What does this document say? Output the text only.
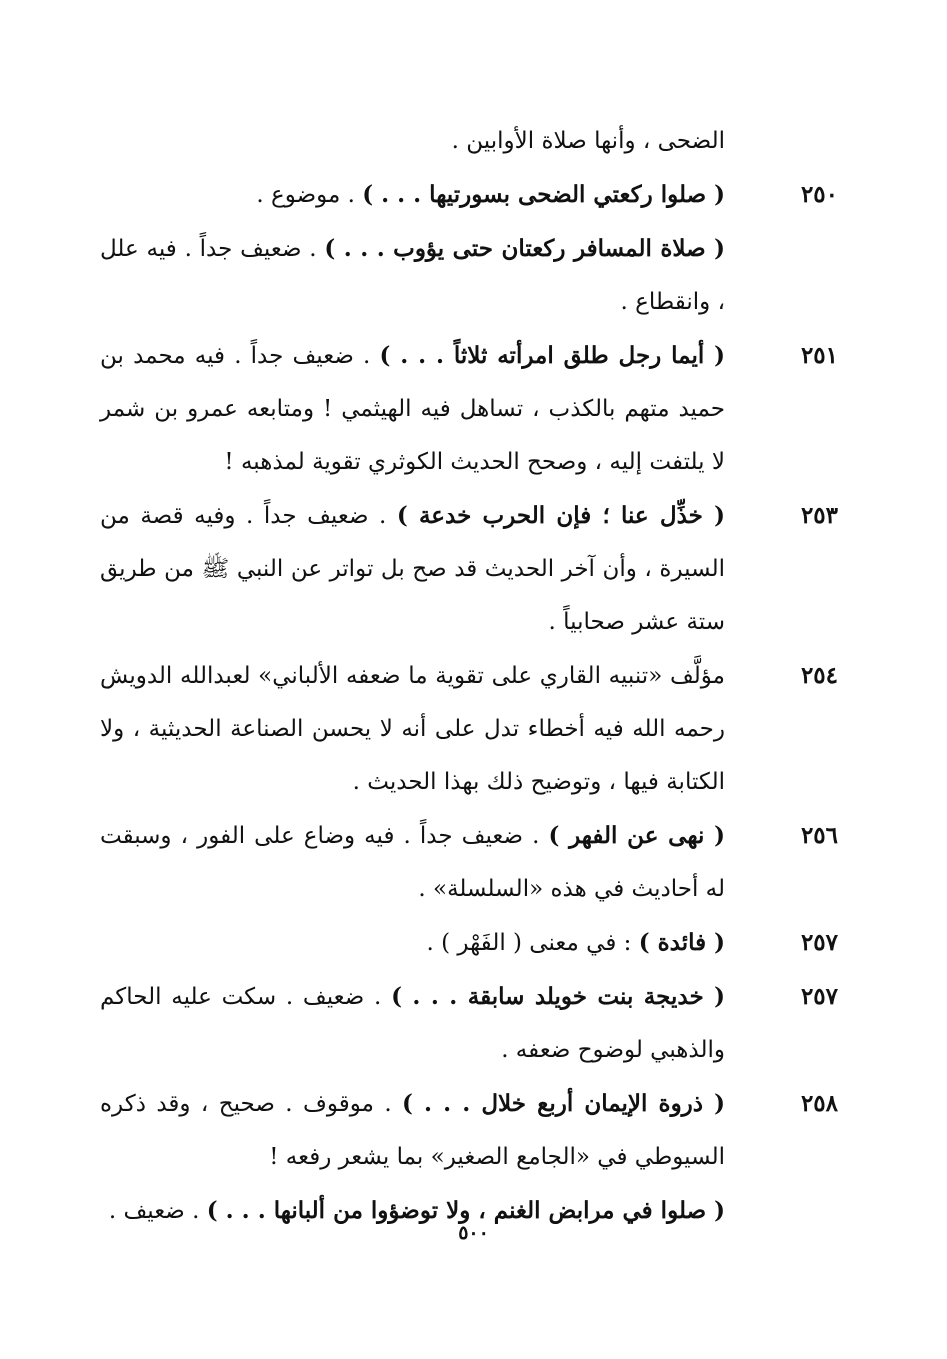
الضحى ، وأنها صلاة الأوابين .
٢٥٠
( صلوا ركعتي الضحى بسورتيها . . . ) . موضوع .
( صلاة المسافر ركعتان حتى يؤوب . . . ) . ضعيف جداً . فيه علل ، وانقطاع .
٢٥١
( أيما رجل طلق امرأته ثلاثاً . . . ) . ضعيف جداً . فيه محمد بن حميد متهم بالكذب ، تساهل فيه الهيثمي ! ومتابعه عمرو بن شمر لا يلتفت إليه ، وصحح الحديث الكوثري تقوية لمذهبه !
٢٥٣
( خذِّل عنا ؛ فإن الحرب خدعة ) . ضعيف جداً . وفيه قصة من السيرة ، وأن آخر الحديث قد صح بل تواتر عن النبي ﷺ من طريق ستة عشر صحابياً .
٢٥٤
مؤلَّف «تنبيه القاري على تقوية ما ضعفه الألباني» لعبدالله الدويش رحمه الله فيه أخطاء تدل على أنه لا يحسن الصناعة الحديثية ، ولا الكتابة فيها ، وتوضيح ذلك بهذا الحديث .
٢٥٦
( نهى عن الفهر ) . ضعيف جداً . فيه وضاع على الفور ، وسبقت له أحاديث في هذه «السلسلة» .
٢٥٧
( فائدة ) : في معنى ( الفَهْر ) .
٢٥٧
( خديجة بنت خويلد سابقة . . . ) . ضعيف . سكت عليه الحاكم والذهبي لوضوح ضعفه .
٢٥٨
( ذروة الإيمان أربع خلال . . . ) . موقوف . صحيح ، وقد ذكره السيوطي في «الجامع الصغير» بما يشعر رفعه !
( صلوا في مرابض الغنم ، ولا توضؤوا من ألبانها . . . ) . ضعيف .
٥٠٠
